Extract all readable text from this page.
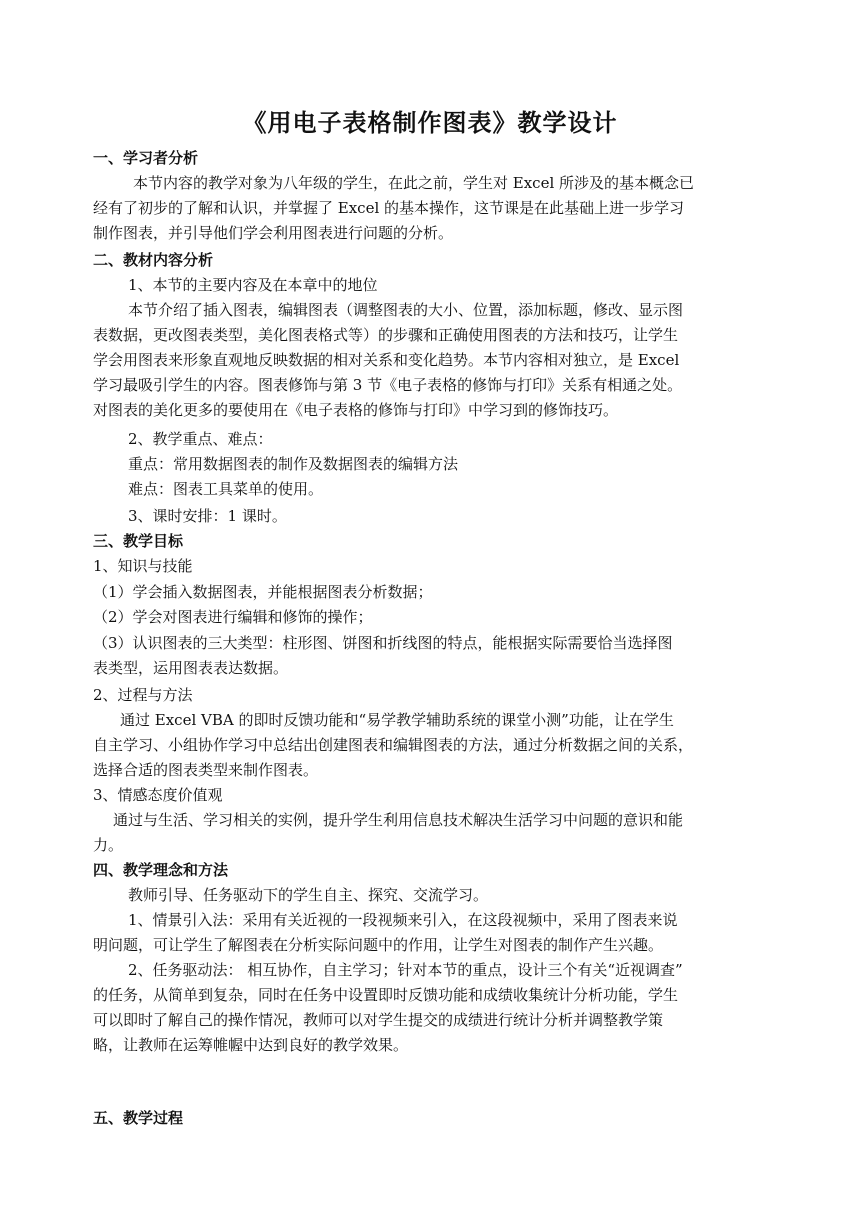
《用电子表格制作图表》教学设计
一、学习者分析
本节内容的教学对象为八年级的学生，在此之前，学生对 Excel 所涉及的基本概念已
经有了初步的了解和认识，并掌握了 Excel 的基本操作，这节课是在此基础上进一步学习
制作图表，并引导他们学会利用图表进行问题的分析。
二、教材内容分析
1、本节的主要内容及在本章中的地位
本节介绍了插入图表，编辑图表（调整图表的大小、位置，添加标题，修改、显示图
表数据，更改图表类型，美化图表格式等）的步骤和正确使用图表的方法和技巧，让学生
学会用图表来形象直观地反映数据的相对关系和变化趋势。本节内容相对独立，是 Excel
学习最吸引学生的内容。图表修饰与第 3 节《电子表格的修饰与打印》关系有相通之处。
对图表的美化更多的要使用在《电子表格的修饰与打印》中学习到的修饰技巧。
2、教学重点、难点：
重点：常用数据图表的制作及数据图表的编辑方法
难点：图表工具菜单的使用。
3、课时安排：1 课时。
三、教学目标
1、知识与技能
（1）学会插入数据图表，并能根据图表分析数据；
（2）学会对图表进行编辑和修饰的操作；
（3）认识图表的三大类型：柱形图、饼图和折线图的特点，能根据实际需要恰当选择图
表类型，运用图表表达数据。
2、过程与方法
通过 Excel VBA 的即时反馈功能和“易学教学辅助系统的课堂小测”功能，让在学生
自主学习、小组协作学习中总结出创建图表和编辑图表的方法，通过分析数据之间的关系，
选择合适的图表类型来制作图表。
3、情感态度价值观
通过与生活、学习相关的实例，提升学生利用信息技术解决生活学习中问题的意识和能
力。
四、教学理念和方法
教师引导、任务驱动下的学生自主、探究、交流学习。
1、情景引入法：采用有关近视的一段视频来引入，在这段视频中，采用了图表来说
明问题，可让学生了解图表在分析实际问题中的作用，让学生对图表的制作产生兴趣。
2、任务驱动法： 相互协作，自主学习；针对本节的重点，设计三个有关“近视调查”
的任务，从简单到复杂，同时在任务中设置即时反馈功能和成绩收集统计分析功能，学生
可以即时了解自己的操作情况，教师可以对学生提交的成绩进行统计分析并调整教学策
略，让教师在运筹帷幄中达到良好的教学效果。
五、教学过程
